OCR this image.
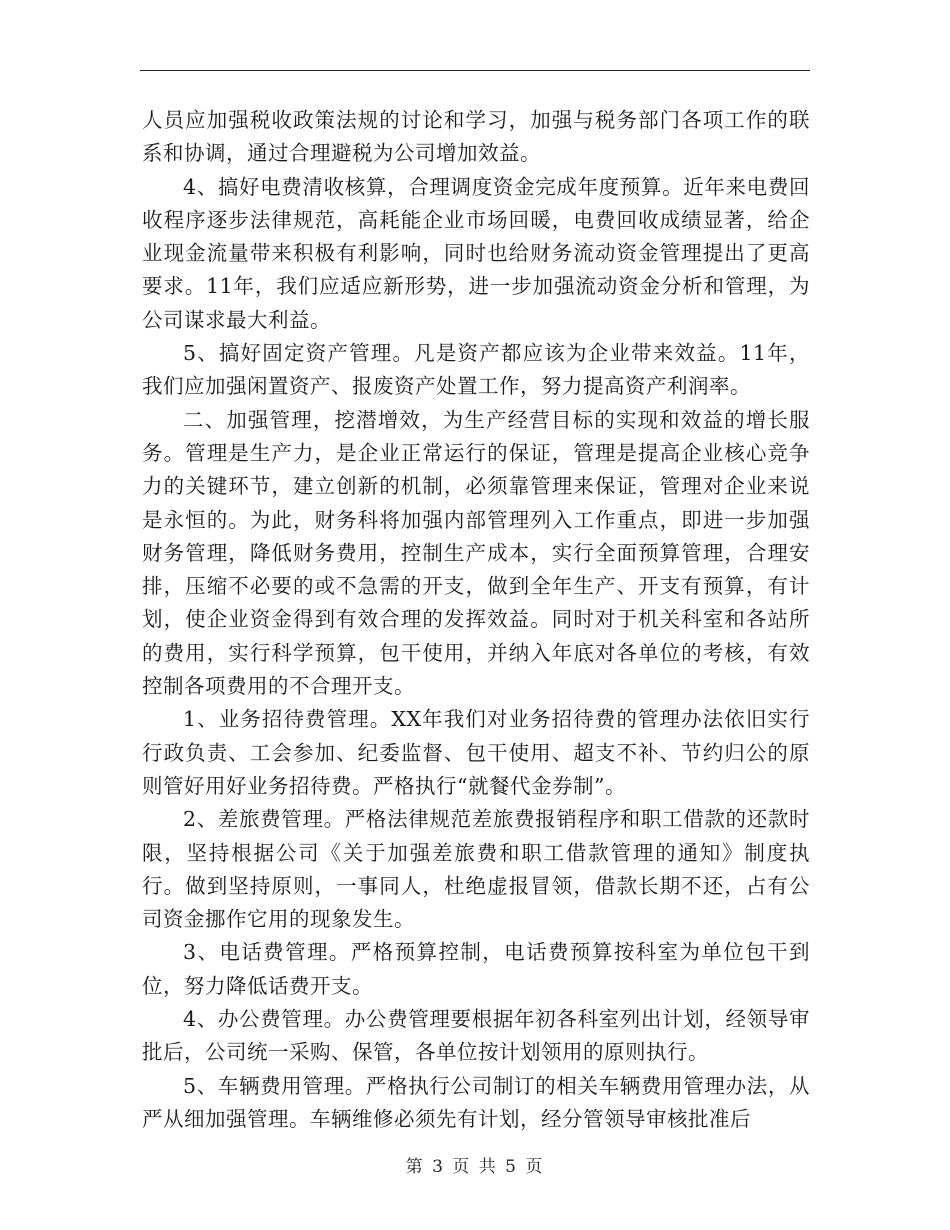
人员应加强税收政策法规的讨论和学习，加强与税务部门各项工作的联系和协调，通过合理避税为公司增加效益。

4、搞好电费清收核算，合理调度资金完成年度预算。近年来电费回收程序逐步法律规范，高耗能企业市场回暖，电费回收成绩显著，给企业现金流量带来积极有利影响，同时也给财务流动资金管理提出了更高要求。11年，我们应适应新形势，进一步加强流动资金分析和管理，为公司谋求最大利益。

5、搞好固定资产管理。凡是资产都应该为企业带来效益。11年，我们应加强闲置资产、报废资产处置工作，努力提高资产利润率。

二、加强管理，挖潜增效，为生产经营目标的实现和效益的增长服务。管理是生产力，是企业正常运行的保证，管理是提高企业核心竞争力的关键环节，建立创新的机制，必须靠管理来保证，管理对企业来说是永恒的。为此，财务科将加强内部管理列入工作重点，即进一步加强财务管理，降低财务费用，控制生产成本，实行全面预算管理，合理安排，压缩不必要的或不急需的开支，做到全年生产、开支有预算，有计划，使企业资金得到有效合理的发挥效益。同时对于机关科室和各站所的费用，实行科学预算，包干使用，并纳入年底对各单位的考核，有效控制各项费用的不合理开支。

1、业务招待费管理。XX年我们对业务招待费的管理办法依旧实行行政负责、工会参加、纪委监督、包干使用、超支不补、节约归公的原则管好用好业务招待费。严格执行“就餐代金券制”。

2、差旅费管理。严格法律规范差旅费报销程序和职工借款的还款时限，坚持根据公司《关于加强差旅费和职工借款管理的通知》制度执行。做到坚持原则，一事同人，杜绝虚报冒领，借款长期不还，占有公司资金挪作它用的现象发生。

3、电话费管理。严格预算控制，电话费预算按科室为单位包干到位，努力降低话费开支。

4、办公费管理。办公费管理要根据年初各科室列出计划，经领导审批后，公司统一采购、保管，各单位按计划领用的原则执行。

5、车辆费用管理。严格执行公司制订的相关车辆费用管理办法，从严从细加强管理。车辆维修必须先有计划，经分管领导审核批准后

第 3 页 共 5 页
